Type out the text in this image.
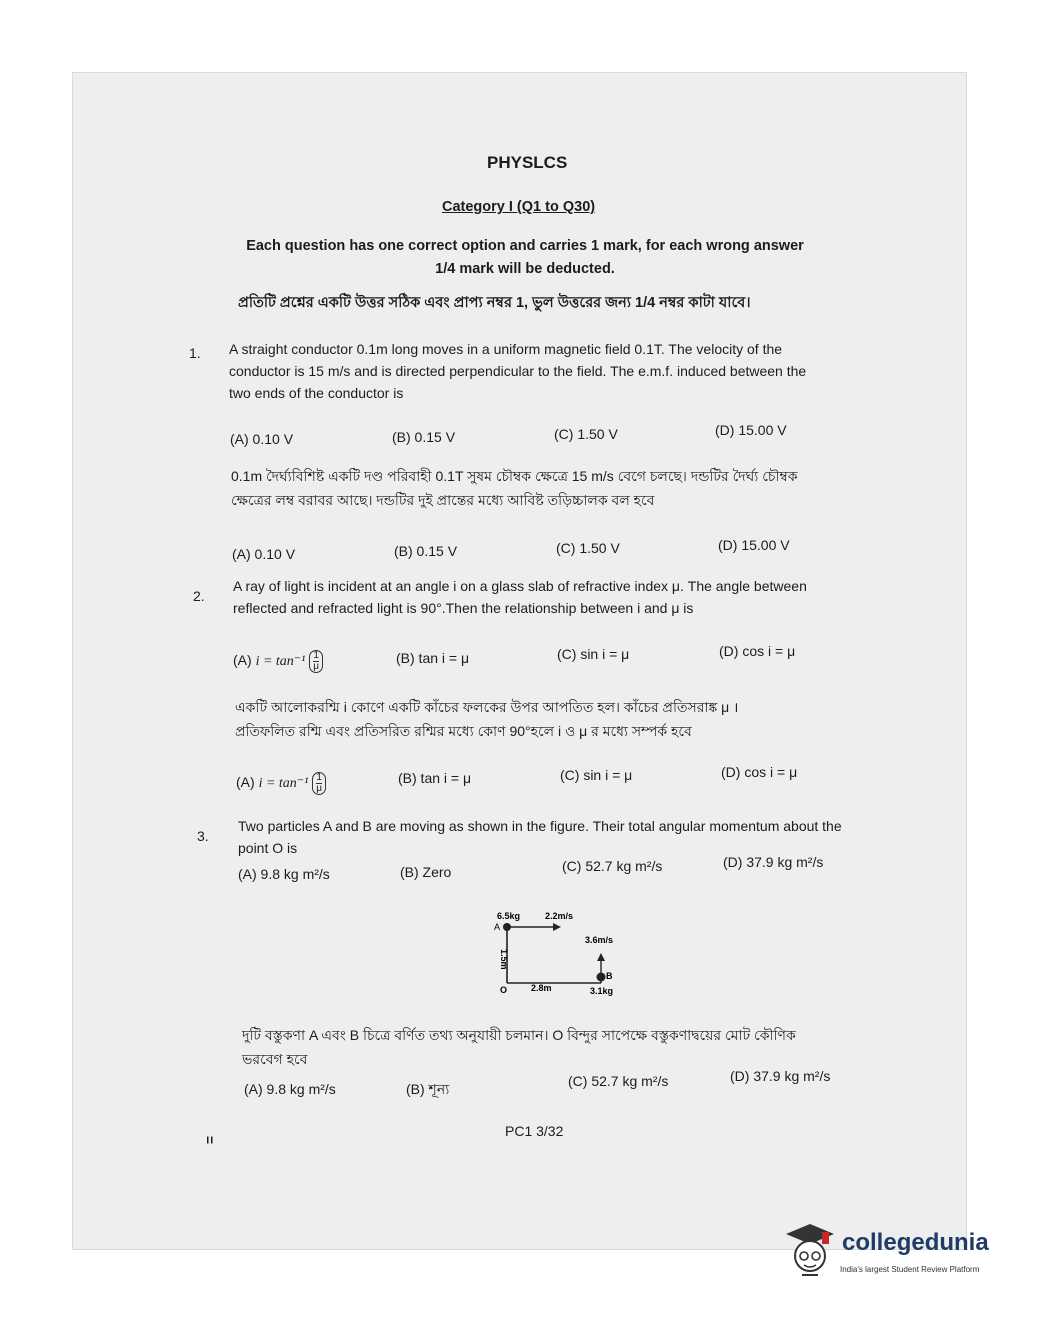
PHYSLCS
Category I (Q1 to Q30)
Each question has one correct option and carries 1 mark, for each wrong answer
1/4 mark will be deducted.
প্রতিটি প্রশ্নের একটি উত্তর সঠিক এবং প্রাপ্য নম্বর 1, ভুল উত্তরের জন্য 1/4 নম্বর কাটা যাবে।
1. A straight conductor 0.1m long moves in a uniform magnetic field 0.1T. The velocity of the
conductor is 15 m/s and is directed perpendicular to the field. The e.m.f. induced between the
two ends of the conductor is
(A) 0.10 V	(B) 0.15 V	(C) 1.50 V	(D) 15.00 V
0.1m দৈর্ঘ্যবিশিষ্ট একটি দণ্ড পরিবাহী 0.1T সুষম চৌম্বক ক্ষেত্রে 15 m/s বেগে চলছে। দন্ডটির দৈর্ঘ্য চৌম্বক
ক্ষেত্রের লম্ব বরাবর আছে। দন্ডটির দুই প্রান্তের মধ্যে আবিষ্ট তড়িচ্চালক বল হবে
(A) 0.10 V	(B) 0.15 V	(C) 1.50 V	(D) 15.00 V
2.
A ray of light is incident at an angle i on a glass slab of refractive index μ. The angle between
reflected and refracted light is 90°.Then the relationship between i and μ is
(A) $i = \tan^{-1} \frac{1}{\mu}$	(B) tan i = μ	(C) sin i = μ	(D) cos i = μ
একটি আলোকরশ্মি i কোণে একটি কাঁচের ফলকের উপর আপতিত হল। কাঁচের প্রতিসরাঙ্ক μ ।
প্রতিফলিত রশ্মি এবং প্রতিসরিত রশ্মির মধ্যে কোণ 90°হলে i ও μ র মধ্যে সম্পর্ক হবে
(A) $i = \tan^{-1} \frac{1}{\mu}$	(B) tan i = μ	(C) sin i = μ	(D) cos i = μ
3.
Two particles A and B are moving as shown in the figure. Their total angular momentum about the
point O is
(A) 9.8 kg m²/s	(B) Zero	(C) 52.7 kg m²/s	(D) 37.9 kg m²/s
6.5kg	2.2m/s
A
3.6m/s
B
3.1kg
O	2.8m
1.5m
দুটি বস্তুকণা A এবং B চিত্রে বর্ণিত তথ্য অনুযায়ী চলমান। O বিন্দুর সাপেক্ষে বস্তুকণাদ্বয়ের মোট কৌণিক
ভরবেগ হবে
(A) 9.8 kg m²/s	(B) শূন্য	(C) 52.7 kg m²/s	(D) 37.9 kg m²/s
PC1 3/32
=
collegedunia
India's largest Student Review Platform
